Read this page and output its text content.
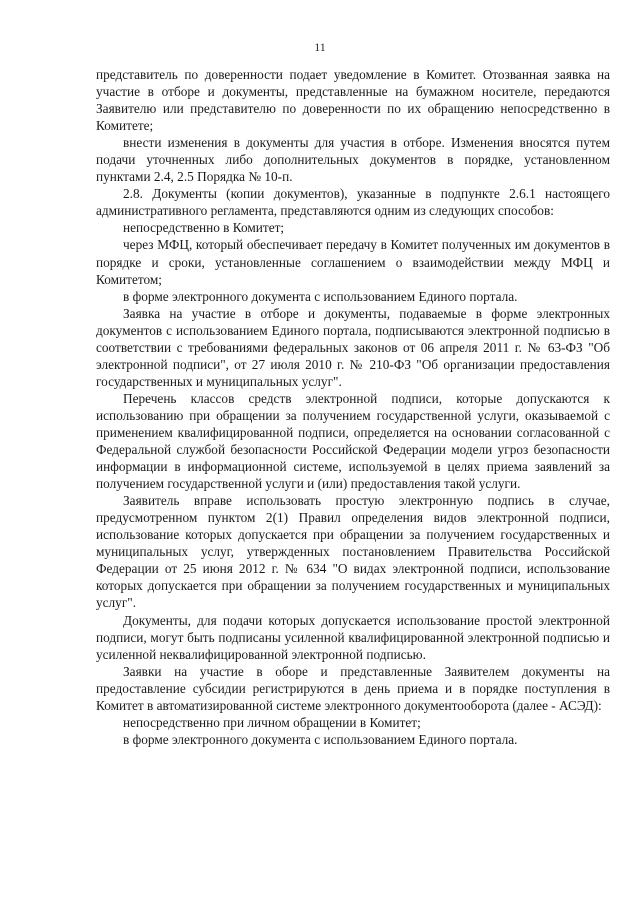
11

представитель по доверенности подает уведомление в Комитет. Отозванная заявка на участие в отборе и документы, представленные на бумажном носителе, передаются Заявителю или представителю по доверенности по их обращению непосредственно в Комитете;

внести изменения в документы для участия в отборе. Изменения вносятся путем подачи уточненных либо дополнительных документов в порядке, установленном пунктами 2.4, 2.5 Порядка № 10-п.

2.8. Документы (копии документов), указанные в подпункте 2.6.1 настоящего административного регламента, представляются одним из следующих способов:

непосредственно в Комитет;

через МФЦ, который обеспечивает передачу в Комитет полученных им документов в порядке и сроки, установленные соглашением о взаимодействии между МФЦ и Комитетом;

в форме электронного документа с использованием Единого портала.

Заявка на участие в отборе и документы, подаваемые в форме электронных документов с использованием Единого портала, подписываются электронной подписью в соответствии с требованиями федеральных законов от 06 апреля 2011 г. № 63-ФЗ "Об электронной подписи", от 27 июля 2010 г. № 210-ФЗ "Об организации предоставления государственных и муниципальных услуг".

Перечень классов средств электронной подписи, которые допускаются к использованию при обращении за получением государственной услуги, оказываемой с применением квалифицированной подписи, определяется на основании согласованной с Федеральной службой безопасности Российской Федерации модели угроз безопасности информации в информационной системе, используемой в целях приема заявлений за получением государственной услуги и (или) предоставления такой услуги.

Заявитель вправе использовать простую электронную подпись в случае, предусмотренном пунктом 2(1) Правил определения видов электронной подписи, использование которых допускается при обращении за получением государственных и муниципальных услуг, утвержденных постановлением Правительства Российской Федерации от 25 июня 2012 г. № 634 "О видах электронной подписи, использование которых допускается при обращении за получением государственных и муниципальных услуг".

Документы, для подачи которых допускается использование простой электронной подписи, могут быть подписаны усиленной квалифицированной электронной подписью и усиленной неквалифицированной электронной подписью.

Заявки на участие в оборе и представленные Заявителем документы на предоставление субсидии регистрируются в день приема и в порядке поступления в Комитет в автоматизированной системе электронного документооборота (далее - АСЭД):

непосредственно при личном обращении в Комитет;

в форме электронного документа с использованием Единого портала.
